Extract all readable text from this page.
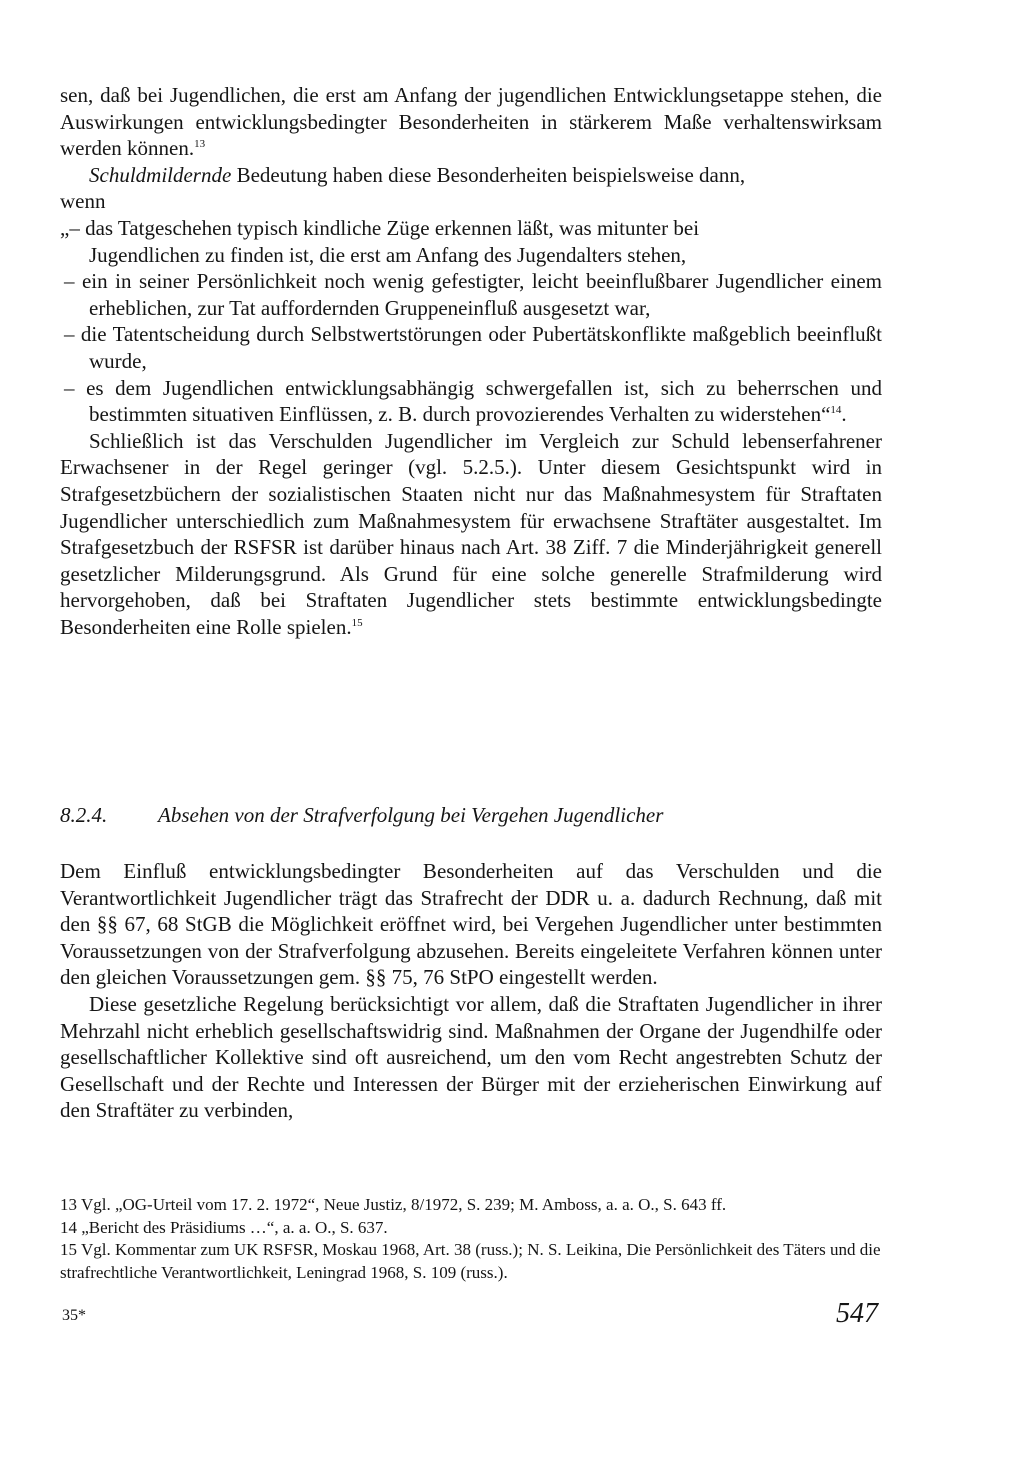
sen, daß bei Jugendlichen, die erst am Anfang der jugendlichen Entwicklungsetappe stehen, die Auswirkungen entwicklungsbedingter Besonderheiten in stärkerem Maße verhaltenswirksam werden können.$^{13}$

Schuldmildernde Bedeutung haben diese Besonderheiten beispielsweise dann,

wenn

„– das Tatgeschehen typisch kindliche Züge erkennen läßt, was mitunter bei

Jugendlichen zu finden ist, die erst am Anfang des Jugendalters stehen,

– ein in seiner Persönlichkeit noch wenig gefestigter, leicht beeinflußbarer Jugendlicher einem erheblichen, zur Tat auffordernden Gruppeneinfluß ausgesetzt war,

– die Tatentscheidung durch Selbstwertstörungen oder Pubertätskonflikte maßgeblich beeinflußt wurde,

– es dem Jugendlichen entwicklungsabhängig schwergefallen ist, sich zu beherrschen und bestimmten situativen Einflüssen, z. B. durch provozierendes Verhalten zu widerstehen“$^{14}$.

Schließlich ist das Verschulden Jugendlicher im Vergleich zur Schuld lebenserfahrener Erwachsener in der Regel geringer (vgl. 5.2.5.). Unter diesem Gesichtspunkt wird in Strafgesetzbüchern der sozialistischen Staaten nicht nur das Maßnahmesystem für Straftaten Jugendlicher unterschiedlich zum Maßnahmesystem für erwachsene Straftäter ausgestaltet. Im Strafgesetzbuch der RSFSR ist darüber hinaus nach Art. 38 Ziff. 7 die Minderjährigkeit generell gesetzlicher Milderungsgrund. Als Grund für eine solche generelle Strafmilderung wird hervorgehoben, daß bei Straftaten Jugendlicher stets bestimmte entwicklungsbedingte Besonderheiten eine Rolle spielen.$^{15}$

8.2.4. Absehen von der Strafverfolgung bei Vergehen Jugendlicher

Dem Einfluß entwicklungsbedingter Besonderheiten auf das Verschulden und die Verantwortlichkeit Jugendlicher trägt das Strafrecht der DDR u. a. dadurch Rechnung, daß mit den §§ 67, 68 StGB die Möglichkeit eröffnet wird, bei Vergehen Jugendlicher unter bestimmten Voraussetzungen von der Strafverfolgung abzusehen. Bereits eingeleitete Verfahren können unter den gleichen Voraussetzungen gem. §§ 75, 76 StPO eingestellt werden.

Diese gesetzliche Regelung berücksichtigt vor allem, daß die Straftaten Jugendlicher in ihrer Mehrzahl nicht erheblich gesellschaftswidrig sind. Maßnahmen der Organe der Jugendhilfe oder gesellschaftlicher Kollektive sind oft ausreichend, um den vom Recht angestrebten Schutz der Gesellschaft und der Rechte und Interessen der Bürger mit der erzieherischen Einwirkung auf den Straftäter zu verbinden,

13 Vgl. „OG-Urteil vom 17. 2. 1972“, Neue Justiz, 8/1972, S. 239; M. Amboss, a. a. O., S. 643 ff.

14 „Bericht des Präsidiums …“, a. a. O., S. 637.

15 Vgl. Kommentar zum UK RSFSR, Moskau 1968, Art. 38 (russ.); N. S. Leikina, Die Persönlichkeit des Täters und die strafrechtliche Verantwortlichkeit, Leningrad 1968, S. 109 (russ.).

35*	547
